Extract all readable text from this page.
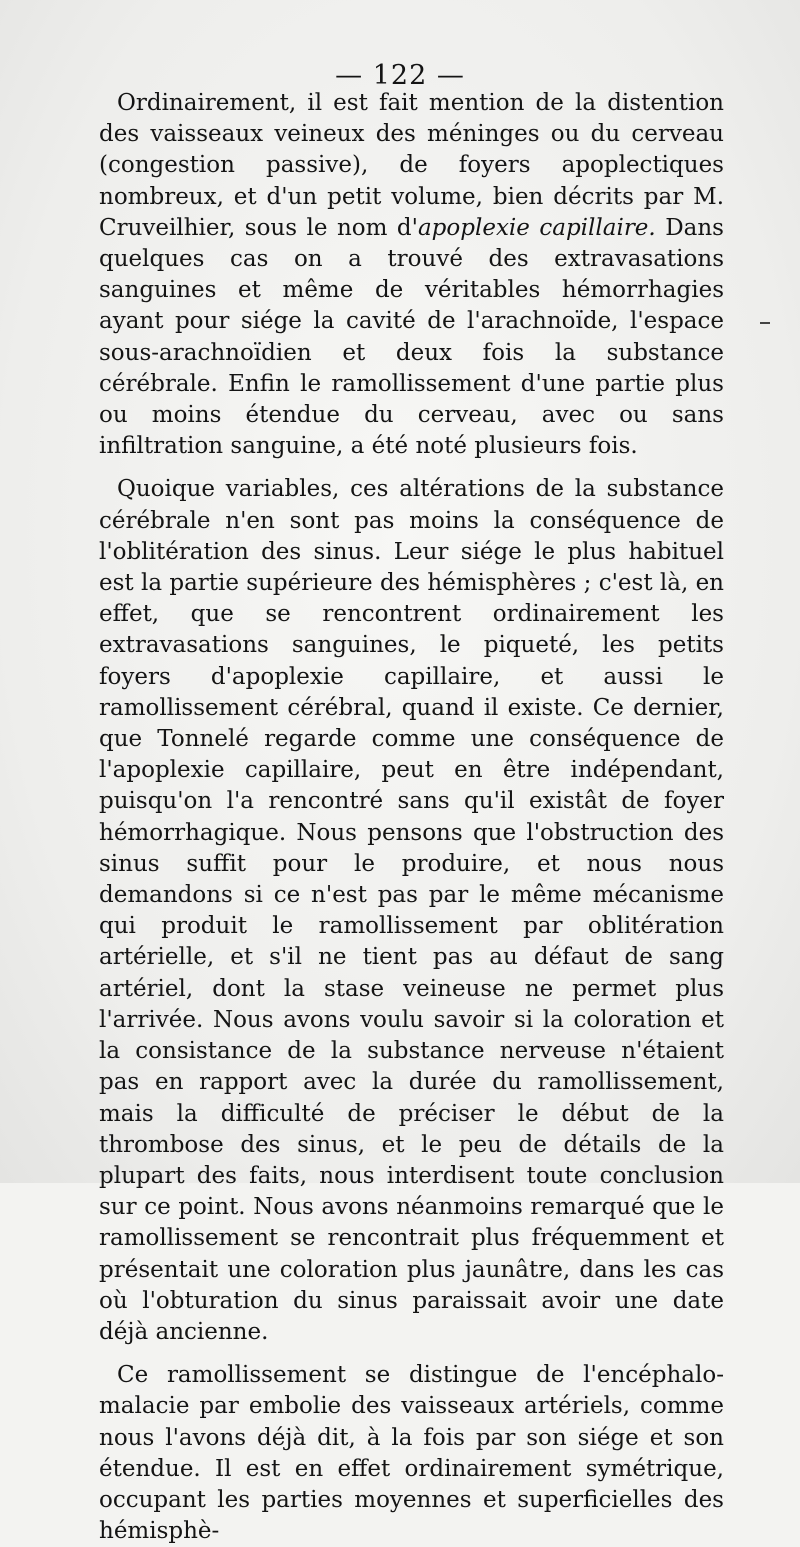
— 122 —

Ordinairement, il est fait mention de la distention des vaisseaux veineux des méninges ou du cerveau (congestion passive), de foyers apoplectiques nombreux, et d'un petit volume, bien décrits par M. Cruveilhier, sous le nom d'apoplexie capillaire. Dans quelques cas on a trouvé des extravasations sanguines et même de véritables hémorrhagies ayant pour siége la cavité de l'arachnoïde, l'espace sous-arachnoïdien et deux fois la substance cérébrale. Enfin le ramollissement d'une partie plus ou moins étendue du cerveau, avec ou sans infiltration sanguine, a été noté plusieurs fois.

Quoique variables, ces altérations de la substance cérébrale n'en sont pas moins la conséquence de l'oblitération des sinus. Leur siége le plus habituel est la partie supérieure des hémisphères ; c'est là, en effet, que se rencontrent ordinairement les extravasations sanguines, le piqueté, les petits foyers d'apoplexie capillaire, et aussi le ramollissement cérébral, quand il existe. Ce dernier, que Tonnelé regarde comme une conséquence de l'apoplexie capillaire, peut en être indépendant, puisqu'on l'a rencontré sans qu'il existât de foyer hémorrhagique. Nous pensons que l'obstruction des sinus suffit pour le produire, et nous nous demandons si ce n'est pas par le même mécanisme qui produit le ramollissement par oblitération artérielle, et s'il ne tient pas au défaut de sang artériel, dont la stase veineuse ne permet plus l'arrivée. Nous avons voulu savoir si la coloration et la consistance de la substance nerveuse n'étaient pas en rapport avec la durée du ramollissement, mais la difficulté de préciser le début de la thrombose des sinus, et le peu de détails de la plupart des faits, nous interdisent toute conclusion sur ce point. Nous avons néanmoins remarqué que le ramollissement se rencontrait plus fréquemment et présentait une coloration plus jaunâtre, dans les cas où l'obturation du sinus paraissait avoir une date déjà ancienne.

Ce ramollissement se distingue de l'encéphalo-malacie par embolie des vaisseaux artériels, comme nous l'avons déjà dit, à la fois par son siége et son étendue. Il est en effet ordinairement symétrique, occupant les parties moyennes et superficielles des hémisphè-
